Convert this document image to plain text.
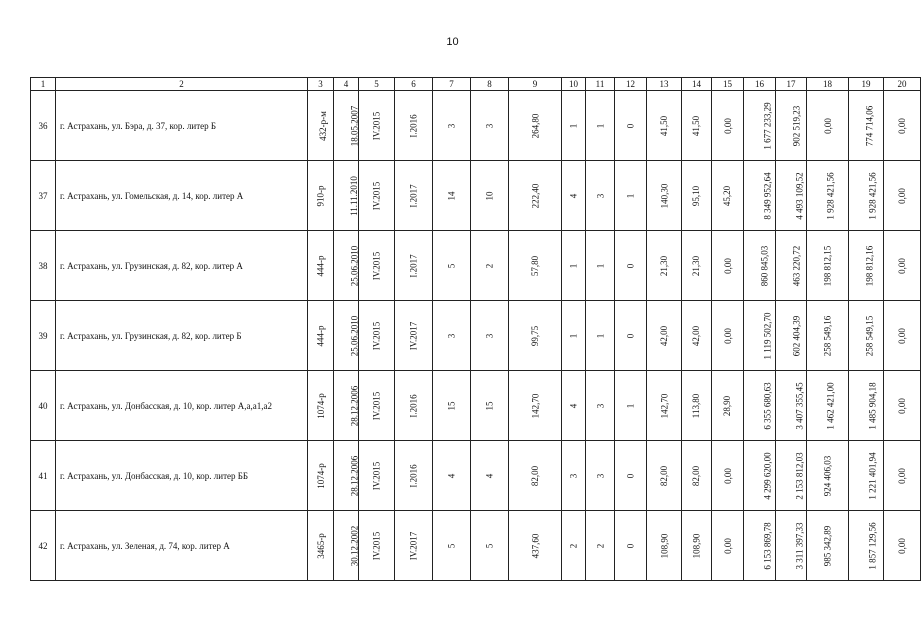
10
1	2	3	4	5	6	7	8	9	10	11	12	13	14	15	16	17	18	19	20
36	г. Астрахань, ул. Бэра, д. 37, кор. литер Б	432-р-м	18.05.2007	IV.2015	I.2016	3	3	264,80	1	1	0	41,50	41,50	0,00	1 677 233,29	902 519,23	0,00	774 714,06	0,00
37	г. Астрахань, ул. Гомельская, д. 14, кор. литер А	910-р	11.11.2010	IV.2015	I.2017	14	10	222,40	4	3	1	140,30	95,10	45,20	8 349 952,64	4 493 109,52	1 928 421,56	1 928 421,56	0,00
38	г. Астрахань, ул. Грузинская, д. 82, кор. литер А	444-р	25.06.2010	IV.2015	I.2017	5	2	57,80	1	1	0	21,30	21,30	0,00	860 845,03	463 220,72	198 812,15	198 812,16	0,00
39	г. Астрахань, ул. Грузинская, д. 82, кор. литер Б	444-р	25.06.2010	IV.2015	IV.2017	3	3	99,75	1	1	0	42,00	42,00	0,00	1 119 502,70	602 404,39	258 549,16	258 549,15	0,00
40	г. Астрахань, ул. Донбасская, д. 10, кор. литер А,а,а1,а2	1074-р	28.12.2006	IV.2015	I.2016	15	15	142,70	4	3	1	142,70	113,80	28,90	6 355 680,63	3 407 355,45	1 462 421,00	1 485 904,18	0,00
41	г. Астрахань, ул. Донбасская, д. 10, кор. литер ББ	1074-р	28.12.2006	IV.2015	I.2016	4	4	82,00	3	3	0	82,00	82,00	0,00	4 299 620,00	2 153 812,03	924 406,03	1 221 401,94	0,00
42	г. Астрахань, ул. Зеленая, д. 74, кор. литер А	3465-р	30.12.2002	IV.2015	IV.2017	5	5	437,60	2	2	0	108,90	108,90	0,00	6 153 869,78	3 311 397,33	985 342,89	1 857 129,56	0,00
